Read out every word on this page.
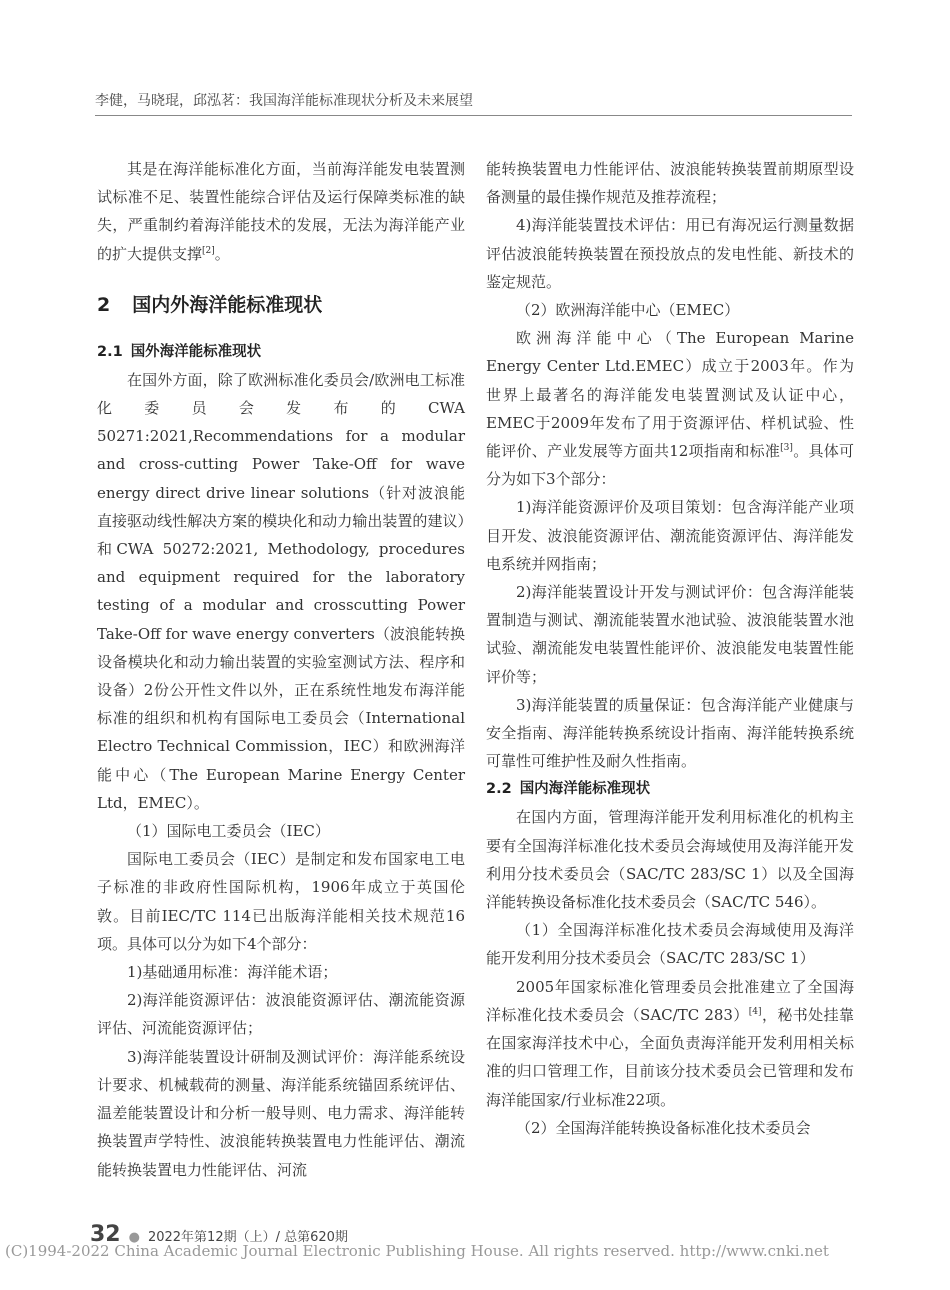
李健，马晓琨，邱泓茗：我国海洋能标准现状分析及未来展望

其是在海洋能标准化方面，当前海洋能发电装置测试标准不足、装置性能综合评估及运行保障类标准的缺失，严重制约着海洋能技术的发展，无法为海洋能产业的扩大提供支撑[2]。

2 国内外海洋能标准现状
2.1 国外海洋能标准现状

在国外方面，除了欧洲标准化委员会/欧洲电工标准化委员会发布的CWA 50271:2021,Recommendations for a modular and cross-cutting Power Take-Off for wave energy direct drive linear solutions（针对波浪能直接驱动线性解决方案的模块化和动力输出装置的建议）和CWA 50272:2021, Methodology, procedures and equipment required for the laboratory testing of a modular and crosscutting Power Take-Off for wave energy converters（波浪能转换设备模块化和动力输出装置的实验室测试方法、程序和设备）2份公开性文件以外，正在系统性地发布海洋能标准的组织和机构有国际电工委员会（International Electro Technical Commission，IEC）和欧洲海洋能中心（The European Marine Energy Center Ltd，EMEC）。

（1）国际电工委员会（IEC）

国际电工委员会（IEC）是制定和发布国家电工电子标准的非政府性国际机构，1906年成立于英国伦敦。目前IEC/TC 114已出版海洋能相关技术规范16项。具体可以分为如下4个部分：

1)基础通用标准：海洋能术语；

2)海洋能资源评估：波浪能资源评估、潮流能资源评估、河流能资源评估；

3)海洋能装置设计研制及测试评价：海洋能系统设计要求、机械载荷的测量、海洋能系统锚固系统评估、温差能装置设计和分析一般导则、电力需求、海洋能转换装置声学特性、波浪能转换装置电力性能评估、潮流能转换装置电力性能评估、河流

能转换装置电力性能评估、波浪能转换装置前期原型设备测量的最佳操作规范及推荐流程；

4)海洋能装置技术评估：用已有海况运行测量数据评估波浪能转换装置在预投放点的发电性能、新技术的鉴定规范。

（2）欧洲海洋能中心（EMEC）

欧洲海洋能中心（The European Marine Energy Center Ltd.EMEC）成立于2003年。作为世界上最著名的海洋能发电装置测试及认证中心，EMEC于2009年发布了用于资源评估、样机试验、性能评价、产业发展等方面共12项指南和标准[3]。具体可分为如下3个部分：

1)海洋能资源评价及项目策划：包含海洋能产业项目开发、波浪能资源评估、潮流能资源评估、海洋能发电系统并网指南；

2)海洋能装置设计开发与测试评价：包含海洋能装置制造与测试、潮流能装置水池试验、波浪能装置水池试验、潮流能发电装置性能评价、波浪能发电装置性能评价等；

3)海洋能装置的质量保证：包含海洋能产业健康与安全指南、海洋能转换系统设计指南、海洋能转换系统可靠性可维护性及耐久性指南。

2.2 国内海洋能标准现状

在国内方面，管理海洋能开发利用标准化的机构主要有全国海洋标准化技术委员会海域使用及海洋能开发利用分技术委员会（SAC/TC 283/SC 1）以及全国海洋能转换设备标准化技术委员会（SAC/TC 546）。

（1）全国海洋标准化技术委员会海域使用及海洋能开发利用分技术委员会（SAC/TC 283/SC 1）

2005年国家标准化管理委员会批准建立了全国海洋标准化技术委员会（SAC/TC 283）[4]，秘书处挂靠在国家海洋技术中心，全面负责海洋能开发利用相关标准的归口管理工作，目前该分技术委员会已管理和发布海洋能国家/行业标准22项。

（2）全国海洋能转换设备标准化技术委员会

32 ● 2022年第12期（上）/ 总第620期
(C)1994-2022 China Academic Journal Electronic Publishing House. All rights reserved. http://www.cnki.net
